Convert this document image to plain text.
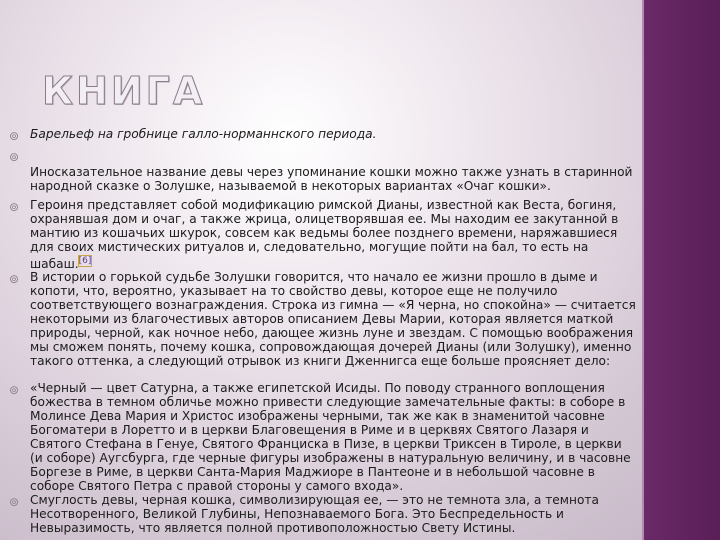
КНИГА
⊚ Барельеф на гробнице галло-норманнского периода.
⊚
Иносказательное название девы через упоминание кошки можно также узнать в старинной народной сказке о Золушке, называемой в некоторых вариантах «Очаг кошки».
⊚ Героиня представляет собой модификацию римской Дианы, известной как Веста, богиня, охранявшая дом и очаг, а также жрица, олицетворявшая ее. Мы находим ее закутанной в мантию из кошачьих шкурок, совсем как ведьмы более позднего времени, наряжавшиеся для своих мистических ритуалов и, следовательно, могущие пойти на бал, то есть на шабаш.[6]
⊚ В истории о горькой судьбе Золушки говорится, что начало ее жизни прошло в дыме и копоти, что, вероятно, указывает на то свойство девы, которое еще не получило соответствующего вознаграждения. Строка из гимна — «Я черна, но спокойна» — считается некоторыми из благочестивых авторов описанием Девы Марии, которая является маткой природы, черной, как ночное небо, дающее жизнь луне и звездам. С помощью воображения мы сможем понять, почему кошка, сопровождающая дочерей Дианы (или Золушку), именно такого оттенка, а следующий отрывок из книги Дженнигса еще больше проясняет дело:
⊚ «Черный — цвет Сатурна, а также египетской Исиды. По поводу странного воплощения божества в темном обличье можно привести следующие замечательные факты: в соборе в Молинсе Дева Мария и Христос изображены черными, так же как в знаменитой часовне Богоматери в Лоретто и в церкви Благовещения в Риме и в церквях Святого Лазаря и Святого Стефана в Генуе, Святого Франциска в Пизе, в церкви Трикcен в Тироле, в церкви (и соборе) Аугсбурга, где черные фигуры изображены в натуральную величину, и в часовне Боргезе в Риме, в церкви Санта-Мария Маджиоре в Пантеоне и в небольшой часовне в соборе Святого Петра с правой стороны у самого входа».
⊚ Смуглость девы, черная кошка, символизирующая ее, — это не темнота зла, а темнота Несотворенного, Великой Глубины, Непознаваемого Бога. Это Беспредельность и Невыразимость, что является полной противоположностью Свету Истины.
